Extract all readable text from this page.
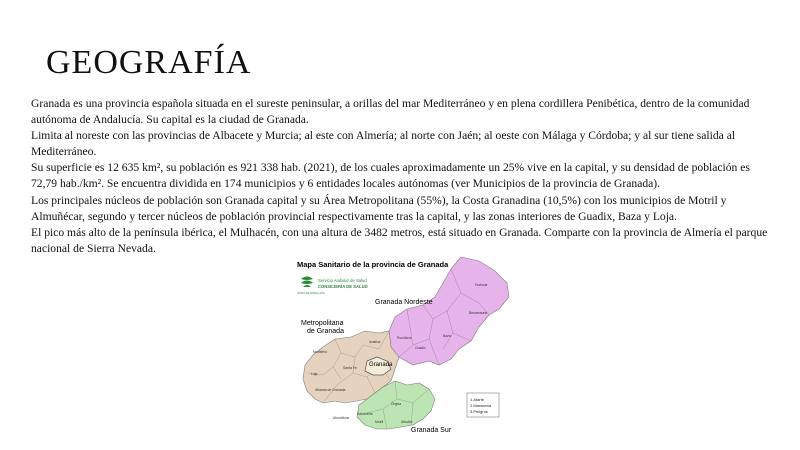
GEOGRAFÍA

Granada es una provincia española situada en el sureste peninsular, a orillas del mar Mediterráneo y en plena cordillera Penibética, dentro de la comunidad autónoma de Andalucía. Su capital es la ciudad de Granada.

Limita al noreste con las provincias de Albacete y Murcia; al este con Almería; al norte con Jaén; al oeste con Málaga y Córdoba; y al sur tiene salida al Mediterráneo.

Su superficie es 12 635 km², su población es 921 338 hab. (2021), de los cuales aproximadamente un 25% vive en la capital, y su densidad de población es 72,79 hab./km². Se encuentra dividida en 174 municipios y 6 entidades locales autónomas (ver Municipios de la provincia de Granada).

Los principales núcleos de población son Granada capital y su Área Metropolitana (55%), la Costa Granadina (10,5%) con los municipios de Motril y Almuñécar, segundo y tercer núcleos de población provincial respectivamente tras la capital, y las zonas interiores de Guadix, Baza y Loja.

El pico más alto de la península ibérica, el Mulhacén, con una altura de 3482 metros, está situado en Granada. Comparte con la provincia de Almería el parque nacional de Sierra Nevada.

Mapa Sanitario de la provincia de Granada
JUNTA DE ANDALUCÍA
Servicio Andaluz de Salud
CONSEJERÍA DE SALUD
Granada Nordeste
Metropolitana
de Granada
Granada
Granada Sur
Huéscar
Benamaurel
Baza
Guadix
Purullena
Iznalloz
Montefrío
Loja
Santa Fe
Alhama de Granada
Órgiva
Motril
Almuñécar
Albuñol
Salobreña
1.Atarfe
2.Maracena
3.Peligros
